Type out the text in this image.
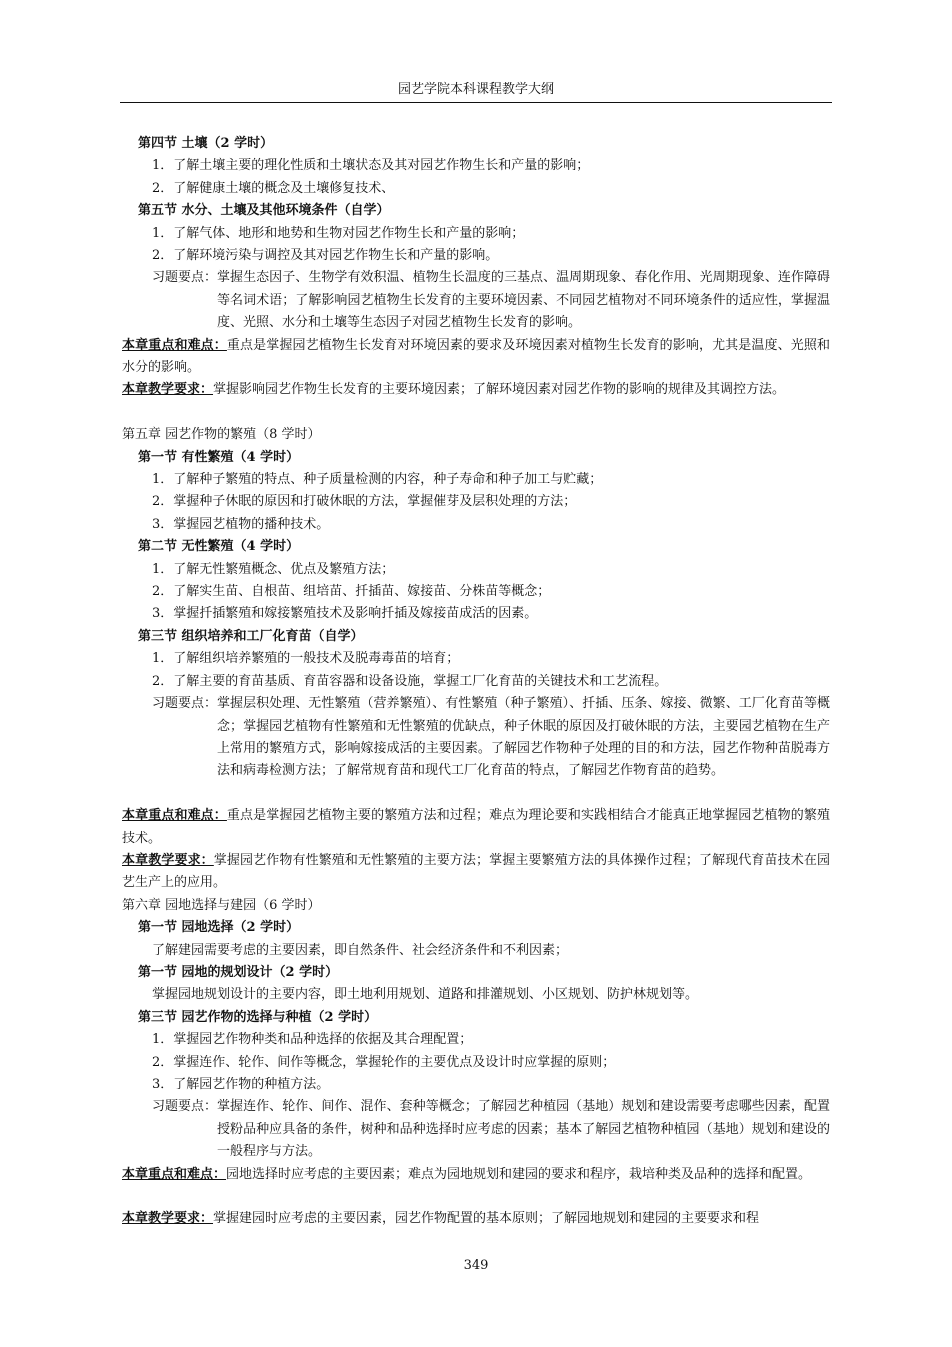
园艺学院本科课程教学大纲

第四节 土壤（2 学时）

1．了解土壤主要的理化性质和土壤状态及其对园艺作物生长和产量的影响；

2．了解健康土壤的概念及土壤修复技术、

第五节 水分、土壤及其他环境条件（自学）

1．了解气体、地形和地势和生物对园艺作物生长和产量的影响；

2．了解环境污染与调控及其对园艺作物生长和产量的影响。

习题要点： 掌握生态因子、生物学有效积温、植物生长温度的三基点、温周期现象、春化作用、光周期现象、连作障碍等名词术语；了解影响园艺植物生长发育的主要环境因素、不同园艺植物对不同环境条件的适应性，掌握温度、光照、水分和土壤等生态因子对园艺植物生长发育的影响。

本章重点和难点：重点是掌握园艺植物生长发育对环境因素的要求及环境因素对植物生长发育的影响，尤其是温度、光照和水分的影响。

本章教学要求：掌握影响园艺作物生长发育的主要环境因素；了解环境因素对园艺作物的影响的规律及其调控方法。

第五章 园艺作物的繁殖（8 学时）

第一节 有性繁殖（4 学时）

1．了解种子繁殖的特点、种子质量检测的内容，种子寿命和种子加工与贮藏；

2．掌握种子休眠的原因和打破休眠的方法，掌握催芽及层积处理的方法；

3．掌握园艺植物的播种技术。

第二节 无性繁殖（4 学时）

1．了解无性繁殖概念、优点及繁殖方法；

2．了解实生苗、自根苗、组培苗、扦插苗、嫁接苗、分株苗等概念；

3．掌握扦插繁殖和嫁接繁殖技术及影响扦插及嫁接苗成活的因素。

第三节 组织培养和工厂化育苗（自学）

1．了解组织培养繁殖的一般技术及脱毒毒苗的培育；

2．了解主要的育苗基质、育苗容器和设备设施，掌握工厂化育苗的关键技术和工艺流程。

习题要点： 掌握层积处理、无性繁殖（营养繁殖）、有性繁殖（种子繁殖）、扦插、压条、嫁接、微繁、工厂化育苗等概念；掌握园艺植物有性繁殖和无性繁殖的优缺点，种子休眠的原因及打破休眠的方法，主要园艺植物在生产上常用的繁殖方式，影响嫁接成活的主要因素。了解园艺作物种子处理的目的和方法，园艺作物种苗脱毒方法和病毒检测方法；了解常规育苗和现代工厂化育苗的特点，了解园艺作物育苗的趋势。

本章重点和难点：重点是掌握园艺植物主要的繁殖方法和过程；难点为理论要和实践相结合才能真正地掌握园艺植物的繁殖技术。

本章教学要求：掌握园艺作物有性繁殖和无性繁殖的主要方法；掌握主要繁殖方法的具体操作过程；了解现代育苗技术在园艺生产上的应用。

第六章 园地选择与建园（6 学时）

第一节 园地选择（2 学时）

了解建园需要考虑的主要因素，即自然条件、社会经济条件和不利因素；

第一节 园地的规划设计（2 学时）

掌握园地规划设计的主要内容，即土地利用规划、道路和排灌规划、小区规划、防护林规划等。

第三节 园艺作物的选择与种植（2 学时）

1．掌握园艺作物种类和品种选择的依据及其合理配置；

2．掌握连作、轮作、间作等概念，掌握轮作的主要优点及设计时应掌握的原则；

3．了解园艺作物的种植方法。

习题要点： 掌握连作、轮作、间作、混作、套种等概念；了解园艺种植园（基地）规划和建设需要考虑哪些因素，配置授粉品种应具备的条件，树种和品种选择时应考虑的因素；基本了解园艺植物种植园（基地）规划和建设的一般程序与方法。

本章重点和难点：园地选择时应考虑的主要因素；难点为园地规划和建园的要求和程序，栽培种类及品种的选择和配置。

本章教学要求：掌握建园时应考虑的主要因素，园艺作物配置的基本原则；了解园地规划和建园的主要要求和程

349
